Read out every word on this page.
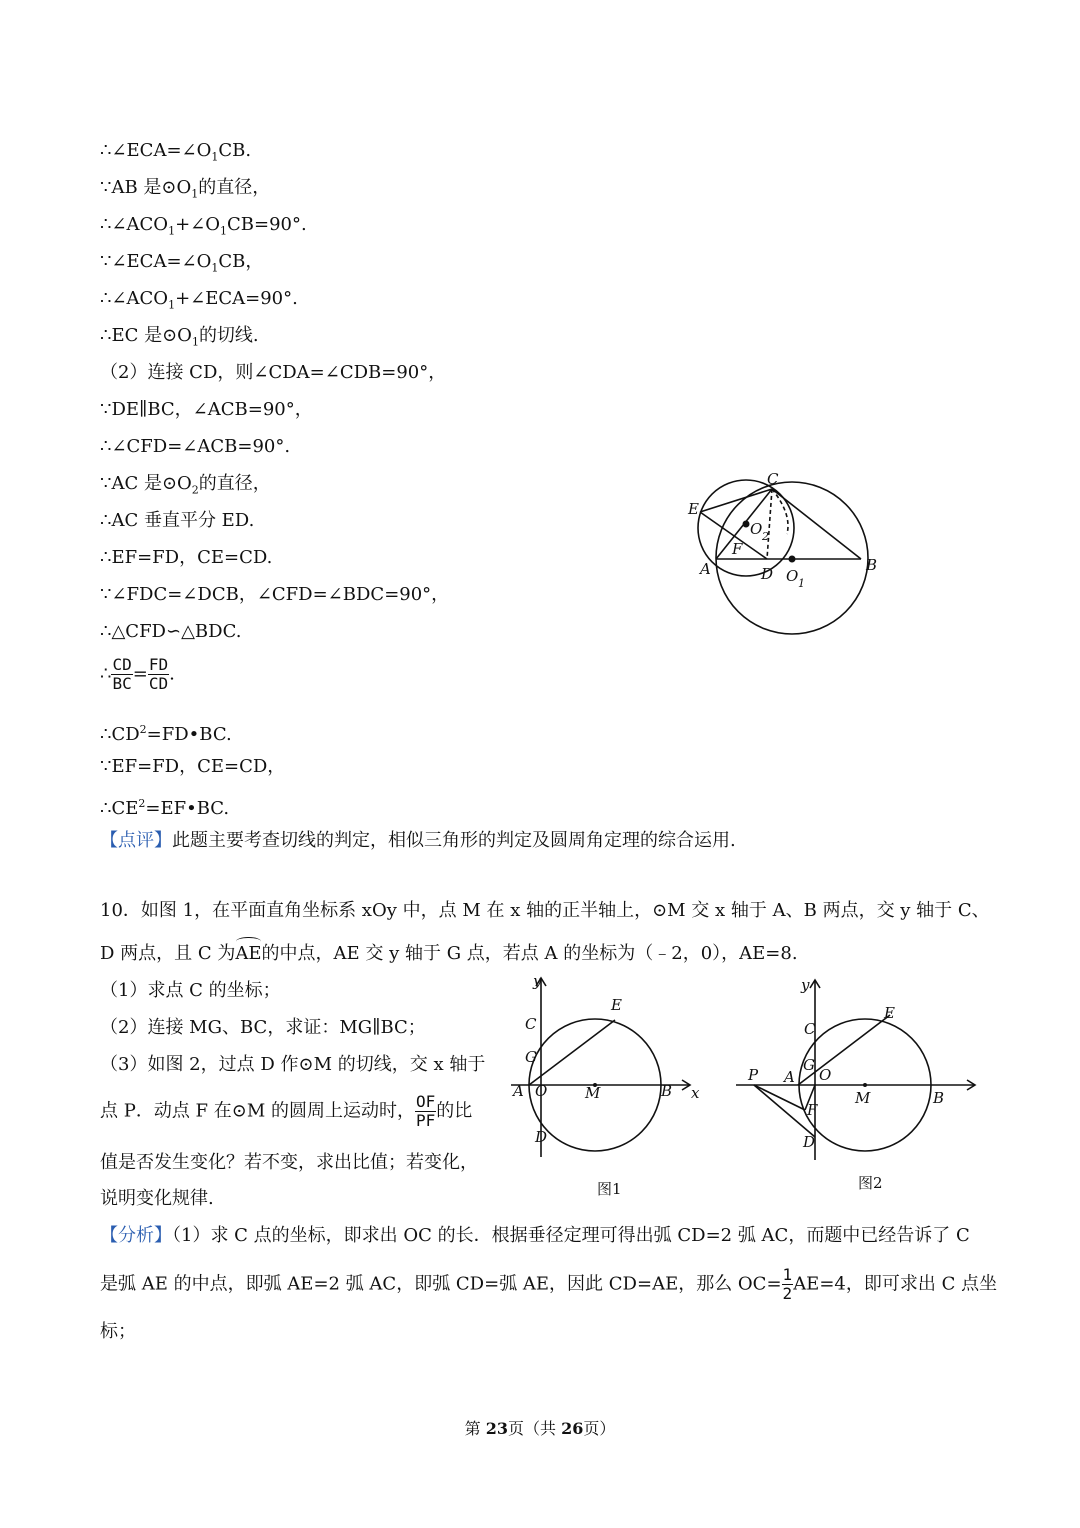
$\therefore\angle ECA=\angle O_1CB$.
∵AB 是$⊙O_1$的直径，
$\therefore\angle ACO_1+\angle O_1CB=90^\circ$.
$\because\angle ECA=\angle O_1CB$，
$\therefore\angle ACO_1+\angle ECA=90^\circ$.
∴EC 是$⊙O_1$的切线.
（2）连接 CD，则∠CDA=∠CDB=90°，
∵DE∥BC，∠ACB=90°，
∴∠CFD=∠ACB=90°.
∵AC 是$⊙O_2$的直径，
∴AC 垂直平分 ED.
∴EF=FD，CE=CD.
∵∠FDC=∠DCB，∠CFD=∠BDC=90°，
∴△CFD∽△BDC.
∴ $\frac{CD}{BC} = \frac{FD}{CD}$ .
$\therefore CD^2=FD•BC$.
∵EF=FD，CE=CD，
$\therefore CE^2=EF•BC$.
【点评】此题主要考查切线的判定，相似三角形的判定及圆周角定理的综合运用.
10．如图 1，在平面直角坐标系 xOy 中，点 M 在 x 轴的正半轴上，⊙M 交 x 轴于 A、B 两点，交 y 轴于 C、
D 两点，且 C 为AE的中点，AE 交 y 轴于 G 点，若点 A 的坐标为（﹣2，0），AE=8.
（1）求点 C 的坐标；
（2）连接 MG、BC，求证：MG∥BC；
（3）如图 2，过点 D 作⊙M 的切线，交 x 轴于
点 P．动点 F 在⊙M 的圆周上运动时， $\frac{OF}{PF}$ 的比
值是否发生变化？若不变，求出比值；若变化，
说明变化规律.
【分析】（1）求 C 点的坐标，即求出 OC 的长．根据垂径定理可得出弧 CD=2 弧 AC，而题中已经告诉了 C
是弧 AE 的中点，即弧 AE=2 弧 AC，即弧 CD=弧 AE，因此 CD=AE，那么 $OC= \frac{1}{2} AE=4$，即可求出 C 点坐
标；
C
E
O 2
F
A	D O 1
B
y
C
E
G
A O	M	B x
D
图1
y
C
E
G
P A O
M	B
F
D
图2
第 23页（共 26页）
